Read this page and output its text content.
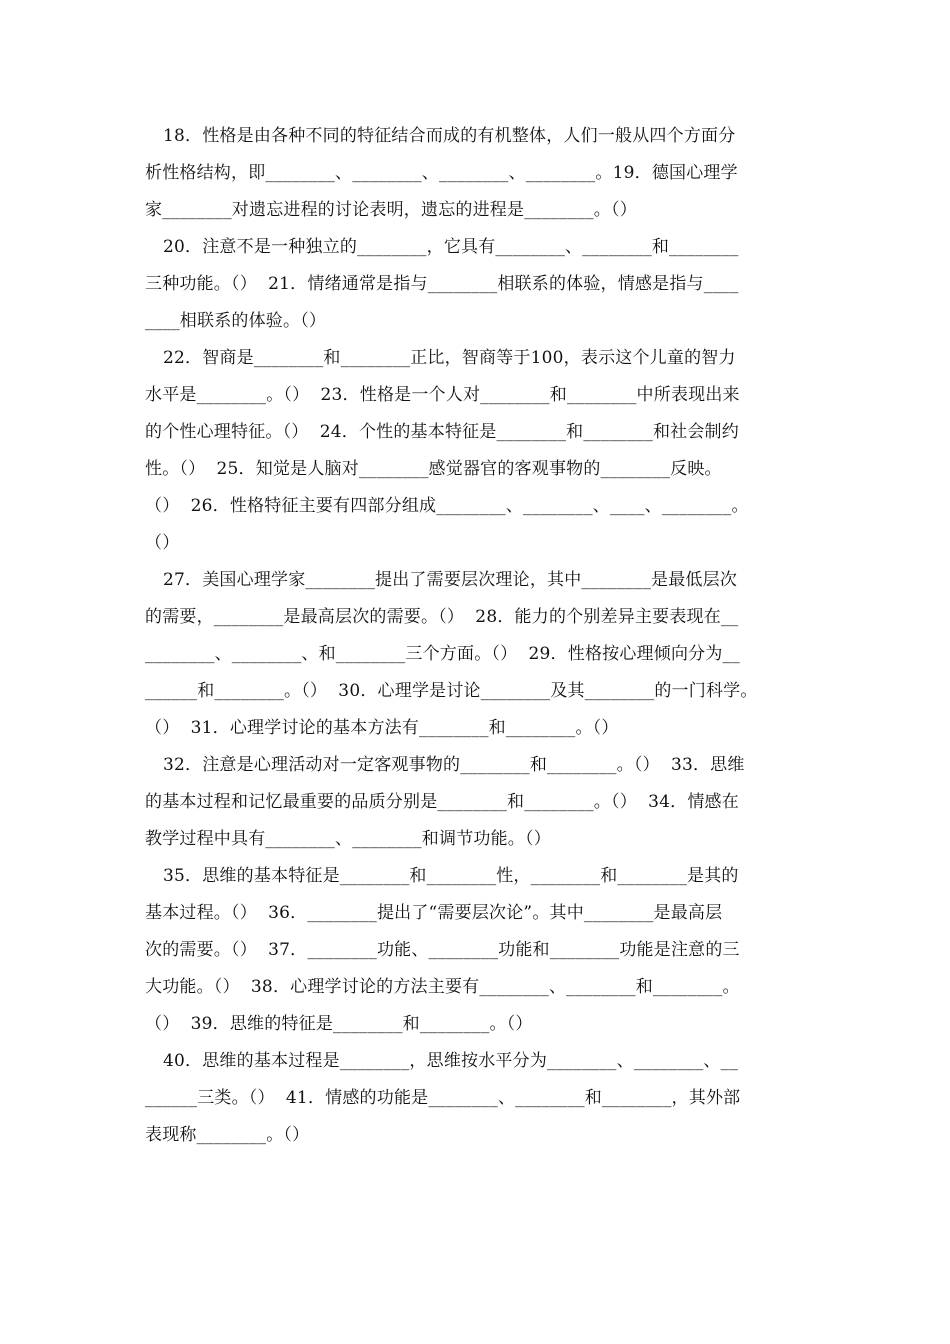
18．性格是由各种不同的特征结合而成的有机整体，人们一般从四个方面分
析性格结构，即________、________、________、________。19．德国心理学
家________对遗忘进程的讨论表明，遗忘的进程是________。（）
20．注意不是一种独立的________，它具有________、________和________
三种功能。（）  21．情绪通常是指与________相联系的体验，情感是指与____
____相联系的体验。（）
22．智商是________和________正比，智商等于100，表示这个儿童的智力
水平是________。（）  23．性格是一个人对________和________中所表现出来
的个性心理特征。（）  24．个性的基本特征是________和________和社会制约
性。（）  25．知觉是人脑对________感觉器官的客观事物的________反映。
（）  26．性格特征主要有四部分组成________、________、____、________。
（）
27．美国心理学家________提出了需要层次理论，其中________是最低层次
的需要，________是最高层次的需要。（）  28．能力的个别差异主要表现在__
________、________、和________三个方面。（）  29．性格按心理倾向分为__
______和________。（）  30．心理学是讨论________及其________的一门科学。
（）  31．心理学讨论的基本方法有________和________。（）
32．注意是心理活动对一定客观事物的________和________。（）  33．思维
的基本过程和记忆最重要的品质分别是________和________。（）  34．情感在
教学过程中具有________、________和调节功能。（）
35．思维的基本特征是________和________性，________和________是其的
基本过程。（）  36．________提出了“需要层次论”。其中________是最高层
次的需要。（）  37．________功能、________功能和________功能是注意的三
大功能。（）  38．心理学讨论的方法主要有________、________和________。
（）  39．思维的特征是________和________。（）
40．思维的基本过程是________，思维按水平分为________、________、__
______三类。（）  41．情感的功能是________、________和________，其外部
表现称________。（）
